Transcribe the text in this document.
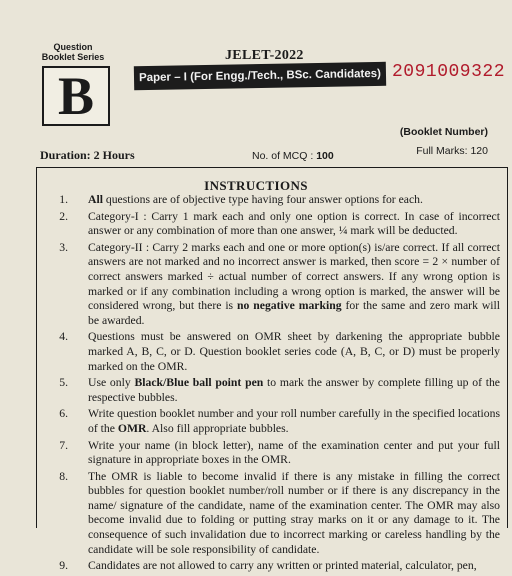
Question
Booklet Series
B
Duration: 2 Hours
JELET-2022
Paper – I (For Engg./Tech., BSc. Candidates) 2091009322
(Booklet Number)
No. of MCQ : 100	Full Marks: 120
INSTRUCTIONS
1.	All questions are of objective type having four answer options for each.
2.	Category-I : Carry 1 mark each and only one option is correct. In case of incorrect answer or any combination of more than one answer, ¼ mark will be deducted.
3.	Category-II : Carry 2 marks each and one or more option(s) is/are correct. If all correct answers are not marked and no incorrect answer is marked, then score = 2 × number of correct answers marked ÷ actual number of correct answers. If any wrong option is marked or if any combination including a wrong option is marked, the answer will be considered wrong, but there is no negative marking for the same and zero mark will be awarded.
4.	Questions must be answered on OMR sheet by darkening the appropriate bubble marked A, B, C, or D. Question booklet series code (A, B, C, or D) must be properly marked on the OMR.
5.	Use only Black/Blue ball point pen to mark the answer by complete filling up of the respective bubbles.
6.	Write question booklet number and your roll number carefully in the specified locations of the OMR. Also fill appropriate bubbles.
7.	Write your name (in block letter), name of the examination center and put your full signature in appropriate boxes in the OMR.
8.	The OMR is liable to become invalid if there is any mistake in filling the correct bubbles for question booklet number/roll number or if there is any discrepancy in the name/ signature of the candidate, name of the examination center. The OMR may also become invalid due to folding or putting stray marks on it or any damage to it. The consequence of such invalidation due to incorrect marking or careless handling by the candidate will be sole responsibility of candidate.
9.	Candidates are not allowed to carry any written or printed material, calculator, pen,
